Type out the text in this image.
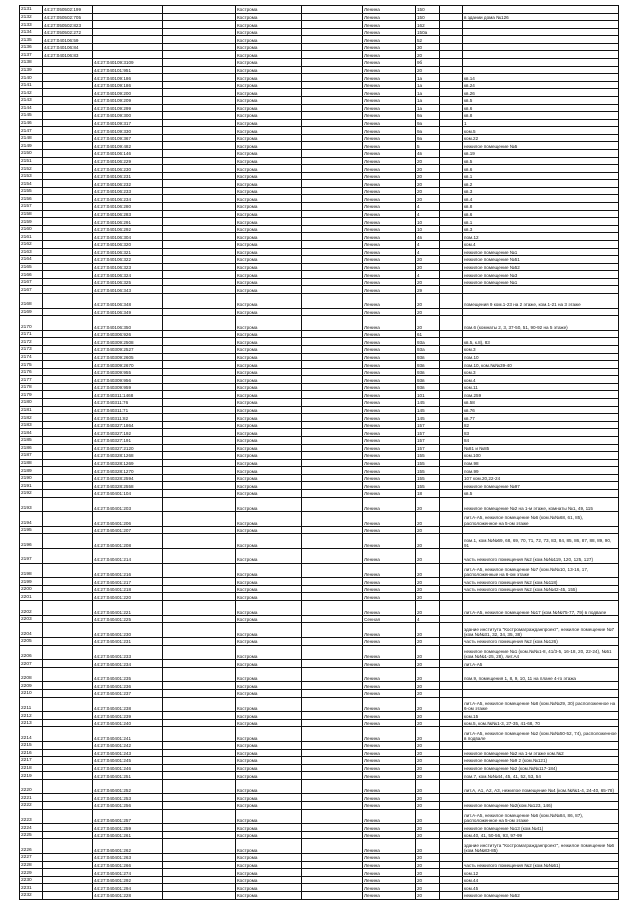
2131	44:27:050502:199			Кострома		Ленина	150		
2132	44:27:050502:705			Кострома		Ленина	150		в здании дома №126
2133	44:27:050502:823			Кострома		Ленина	162		
2134	44:27:050502:272			Кострома		Ленина	150а		
2135	44:27:040106:59			Кострома		Ленина	52		
2136	44:27:040106:84			Кострома		Ленина	30		
2137	44:27:040106:83			Кострома		Ленина	20		
2138		44:27:040109:3109		Кострома		Ленина	9б		
2139		44:27:040101:951		Кострома		Ленина	20		
2140		44:27:040109:186		Кострома		Ленина	1а		кв.14
2141		44:27:040109:186		Кострома		Ленина	1а		кв.24
2142		44:27:040109:200		Кострома		Ленина	1а		кв.26
2143		44:27:040109:209		Кострома		Ленина	1а		кв.5
2144		44:27:040109:299		Кострома		Ленина	1а		кв.6
2145		44:27:040109:300		Кострома		Ленина	9а		кв.8
2146		44:27:040109:317		Кострома		Ленина	9а		1
2147		44:27:040109:330		Кострома		Ленина	9а		ком.5
2148		44:27:040109:367		Кострома		Ленина	9а		ком.22
2149		44:27:040109:482		Кострома		Ленина	5		нежилое помещение №5
2150		44:27:040106:146		Кострома		Ленина	4в		кв.19
2151		44:27:040106:229		Кострома		Ленина	20		кв.5
2152		44:27:040106:230		Кострома		Ленина	20		кв.6
2153		44:27:040106:231		Кострома		Ленина	20		кв.1
2154		44:27:040106:232		Кострома		Ленина	20		кв.2
2155		44:27:040106:233		Кострома		Ленина	20		кв.3
2156		44:27:040106:234		Кострома		Ленина	20		кв.4
2157		44:27:040106:280		Кострома		Ленина	4		кв.8
2158		44:27:040106:283		Кострома		Ленина	4		кв.6
2159		44:27:040106:291		Кострома		Ленина	10		кв.1
2160		44:27:040106:292		Кострома		Ленина	10		кв.3
2161		44:27:040106:304		Кострома		Ленина	4в		пом.12
2162		44:27:040106:320		Кострома		Ленина	4		ком.4
2163		44:27:040106:321		Кострома		Ленина	4		нежилое помещение №1
2164		44:27:040106:322		Кострома		Ленина	20		нежилое помещение №51
2165		44:27:040106:323		Кострома		Ленина	20		нежилое помещение №52
2166		44:27:040106:324		Кострома		Ленина	4		нежилое помещение №3
2167		44:27:040106:325		Кострома		Ленина	20		нежилое помещение №1
2167		44:27:040106:343		Кострома		Ленина	29		
2168		44:27:040106:348		Кострома		Ленина	20		помещения 9 ком.1-23 на 2 этаже, ком.1-21 на 3 этаже
2169		44:27:040106:349		Кострома		Ленина	20		
2170		44:27:040106:350		Кострома		Ленина	20		пом.6 (комнаты 2, 3, 37-50, 51, 90-92 на 5 этаже)
2171		44:27:040306:926		Кострома		Ленина	61		
2172		44:27:040309:2508		Кострома		Ленина	93а		кв.5, к.8), 83
2173		44:27:040309:2527		Кострома		Ленина	93а		ком.3
2174		44:27:040309:2605		Кострома		Ленина	93в		пом.10
2175		44:27:040309:2670		Кострома		Ленина	93в		пом.10, ком.№№39-40
2176		44:27:040309:955		Кострома		Ленина	93в		ком.3
2177		44:27:040309:956		Кострома		Ленина	93в		ком.4
2178		44:27:040309:959		Кострома		Ленина	93в		ком.11
2179		44:27:040311:1468		Кострома		Ленина	101		пом.259
2180		44:27:040311:76		Кострома		Ленина	145		кв.58
2181		44:27:040311:71		Кострома		Ленина	145		кв.76
2182		44:27:040311:82		Кострома		Ленина	145		кв.77
2183		44:27:040327:1864		Кострома		Ленина	157		82
2184		44:27:040327:192		Кострома		Ленина	157		83
2185		44:27:040327:191		Кострома		Ленина	157		84
2186		44:27:040327:2120		Кострома		Ленина	157		№81 и №85
2187		44:27:040328:1268		Кострома		Ленина	155		ком.100
2188		44:27:040328:1269		Кострома		Ленина	155		пом.98
2189		44:27:040328:1270		Кострома		Ленина	155		пом.99
2190		44:27:040328:2594		Кострома		Ленина	155		107 ком.20,22-24
2191		44:27:040328:2558		Кострома		Ленина	155		нежилое помещение №97
2192		44:27:040401:104		Кострома		Ленина	18		кв.5
2193		44:27:040401:203		Кострома		Ленина	20		нежилое помещение №2 на 1-м этаже, комнаты №1, 49, 115
2194		44:27:040401:206		Кострома		Ленина	20		лит.А-А5, нежилое помещение №6 (ком.№№68, 61, 85), расположенное на 5-ом этаже
2195		44:27:040401:207		Кострома		Ленина	20		
2196		44:27:040401:208		Кострома		Ленина	20		пом.1, ком.№№69, 68, 69, 70, 71, 72, 73, 83, 84, 85, 86, 87, 88, 89, 90, 91
2197		44:27:040401:214		Кострома		Ленина	20		часть нежилого помещения №2 (ком.№№119, 120, 125, 127)
2198		44:27:040401:216		Кострома		Ленина	20		лит.А-А5, нежилое помещение №7 (ком.№№10, 13-16, 17, расположенные на 6-ом этаже
2199		44:27:040401:217		Кострома		Ленина	20		часть нежилого помещения №2 (ком.№118)
2200		44:27:040401:218		Кострома		Ленина	20		часть нежилого помещения №2 (ком.№№42-45, 155)
2201		44:27:040401:220		Кострома		Ленина	20		
2202		44:27:040401:221		Кострома		Ленина	20		лит.А-А5, нежилое помещение №17 (ком.№№75-77, 79) в подвале
2203		44:27:040401:225		Кострома		Сенная	4		
2204		44:27:040401:230		Кострома		Ленина	20		здание института "Костромагражданпроект", нежилое помещение №7 (ком.№№31, 32, 34, 35, 38)
2205		44:27:040401:231		Кострома		Ленина	20		часть нежилого помещения №2 (ком.№126)
2206		44:27:040401:233		Кострома		Ленина	20		нежилое помещение №1 (ком.№№1-8, 41/3-5, 16-18, 20, 22-24), №51 (ком.№№1-25, 28), лит.А4
2207		44:27:040401:234		Кострома		Ленина	20		лит.А-А5
2208		44:27:040401:235		Кострома		Ленина	20		пом.9, помещения 1, 8, 9, 10, 11 на плане 4-го этажа
2209		44:27:040401:236		Кострома		Ленина	20		
2210		44:27:040401:237		Кострома		Ленина	20		
2211		44:27:040401:238		Кострома		Ленина	20		лит.А-А5, нежилое помещение №8 (ком.№№29, 30) расположенное на 6-ом этаже
2212		44:27:040401:239		Кострома		Ленина	20		ком.15
2213		44:27:040401:240		Кострома		Ленина	20		ком.5, ком.№№1-3, 27-35, 41-68, 70
2214		44:27:040401:241		Кострома		Ленина	20		лит.А-А5, нежилое помещение №2 (ком.№№50-52, 74), расположенное в подвале
2215		44:27:040401:242		Кострома		Ленина	20		
2216		44:27:040401:243		Кострома		Ленина	20		нежилое помещение №2 на 1-м этаже ком.№2
2217		44:27:040401:245		Кострома		Ленина	20		нежилое помещение №9 2 (ком.№121)
2218		44:27:040401:246		Кострома		Ленина	20		нежилое помещение №2 (ком.№№117-184)
2219		44:27:040401:251		Кострома		Ленина	20		пом.7, ком.№№44, 45, 41, 52, 53, 54
2220		44:27:040401:252		Кострома		Ленина	20		лит.А, А1, А2, А3, нежилое помещение №4 (ком.№№1-4, 24-40, 65-78)
2221		44:27:040401:253		Кострома		Ленина	20		
2222		44:27:040401:256		Кострома		Ленина	20		нежилое помещение №2(ком.№123, 146)
2223		44:27:040401:257		Кострома		Ленина	20		лит.А-А5, нежилое помещение №6 (ком.№№84, 86, 87), расположенное на 5-ом этаже
2224		44:27:040401:259		Кострома		Ленина	20		нежилое помещение №13 (ком.№41)
2225		44:27:040401:261		Кострома		Ленина	20		ком.40, 41, 50-56, 93, 97-99
2226		44:27:040401:262		Кострома		Ленина	20		здание института "Костромагражданпроект", нежилое помещение №6 (ком.№№83-85)
2227		44:27:040401:263		Кострома		Ленина	20		
2228		44:27:040401:266		Кострома		Ленина	20		часть нежилого помещения №2 (ком.№№51)
2229		44:27:040401:274		Кострома		Ленина	20		ком.12
2230		44:27:040401:292		Кострома		Ленина	20		ком.44
2231		44:27:040401:294		Кострома		Ленина	20		ком.45
2232		44:27:040401:228		Кострома		Ленина	20		нежилое помещение №52
